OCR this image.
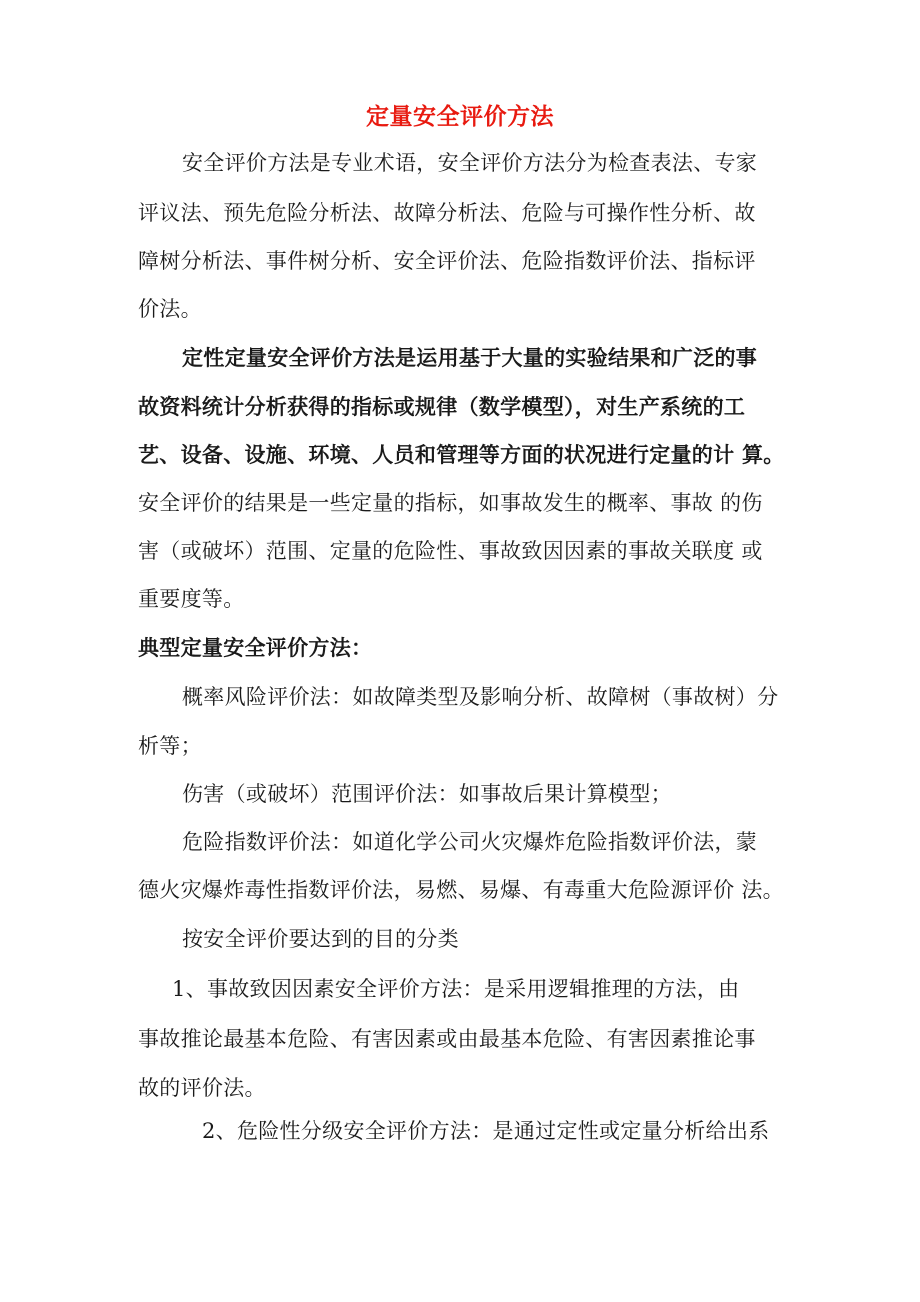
定量安全评价方法
安全评价方法是专业术语，安全评价方法分为检查表法、专家
评议法、预先危险分析法、故障分析法、危险与可操作性分析、故
障树分析法、事件树分析、安全评价法、危险指数评价法、指标评
价法。
定性定量安全评价方法是运用基于大量的实验结果和广泛的事
故资料统计分析获得的指标或规律（数学模型），对生产系统的工
艺、设备、设施、环境、人员和管理等方面的状况进行定量的计 算。
安全评价的结果是一些定量的指标，如事故发生的概率、事故 的伤
害（或破坏）范围、定量的危险性、事故致因因素的事故关联度 或
重要度等。
典型定量安全评价方法：
概率风险评价法：如故障类型及影响分析、故障树（事故树）分
析等；
伤害（或破坏）范围评价法：如事故后果计算模型；
危险指数评价法：如道化学公司火灾爆炸危险指数评价法，蒙
德火灾爆炸毒性指数评价法，易燃、易爆、有毒重大危险源评价 法。
按安全评价要达到的目的分类
1、事故致因因素安全评价方法：是采用逻辑推理的方法，由
事故推论最基本危险、有害因素或由最基本危险、有害因素推论事
故的评价法。
2、危险性分级安全评价方法：是通过定性或定量分析给出系
